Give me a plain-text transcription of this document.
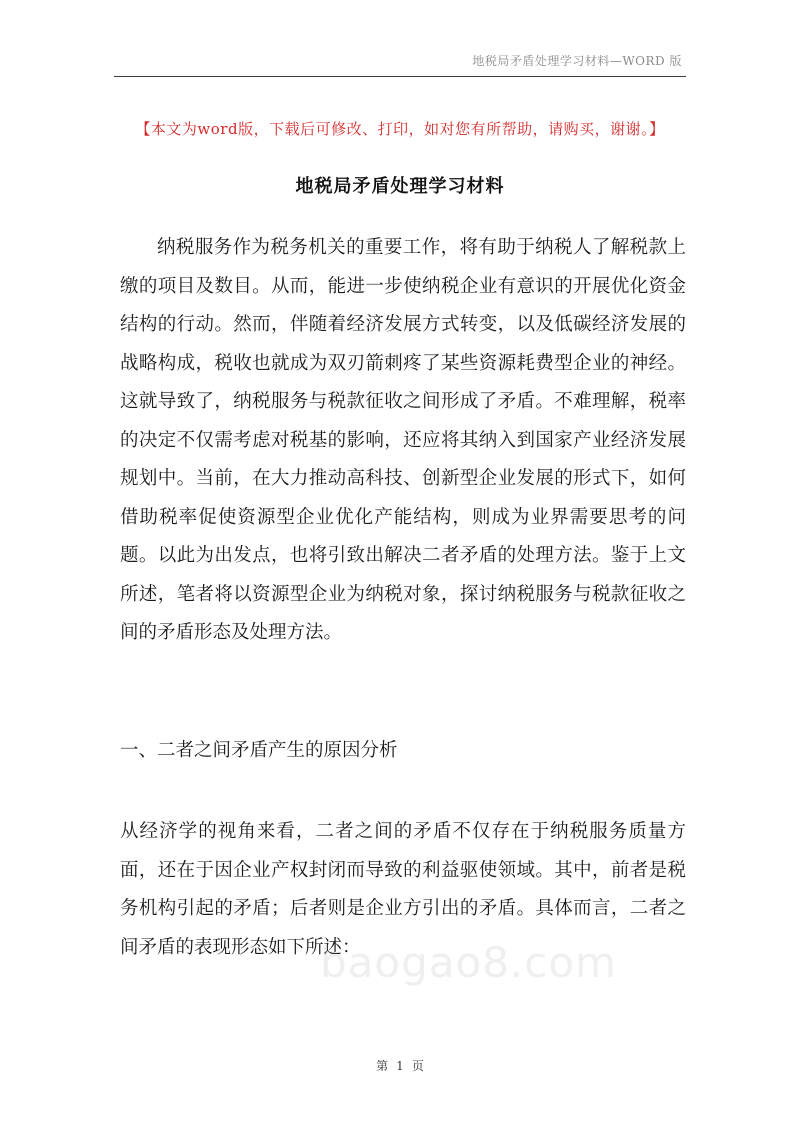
地税局矛盾处理学习材料—WORD 版
【本文为word版，下载后可修改、打印，如对您有所帮助，请购买，谢谢。】
地税局矛盾处理学习材料

纳税服务作为税务机关的重要工作，将有助于纳税人了解税款上缴的项目及数目。从而，能进一步使纳税企业有意识的开展优化资金结构的行动。然而，伴随着经济发展方式转变，以及低碳经济发展的战略构成，税收也就成为双刃箭刺疼了某些资源耗费型企业的神经。这就导致了，纳税服务与税款征收之间形成了矛盾。不难理解，税率的决定不仅需考虑对税基的影响，还应将其纳入到国家产业经济发展规划中。当前，在大力推动高科技、创新型企业发展的形式下，如何借助税率促使资源型企业优化产能结构，则成为业界需要思考的问题。以此为出发点，也将引致出解决二者矛盾的处理方法。鉴于上文所述，笔者将以资源型企业为纳税对象，探讨纳税服务与税款征收之间的矛盾形态及处理方法。

一、二者之间矛盾产生的原因分析

从经济学的视角来看，二者之间的矛盾不仅存在于纳税服务质量方面，还在于因企业产权封闭而导致的利益驱使领域。其中，前者是税务机构引起的矛盾；后者则是企业方引出的矛盾。具体而言，二者之间矛盾的表现形态如下所述：

baogao8.com
第 1 页
